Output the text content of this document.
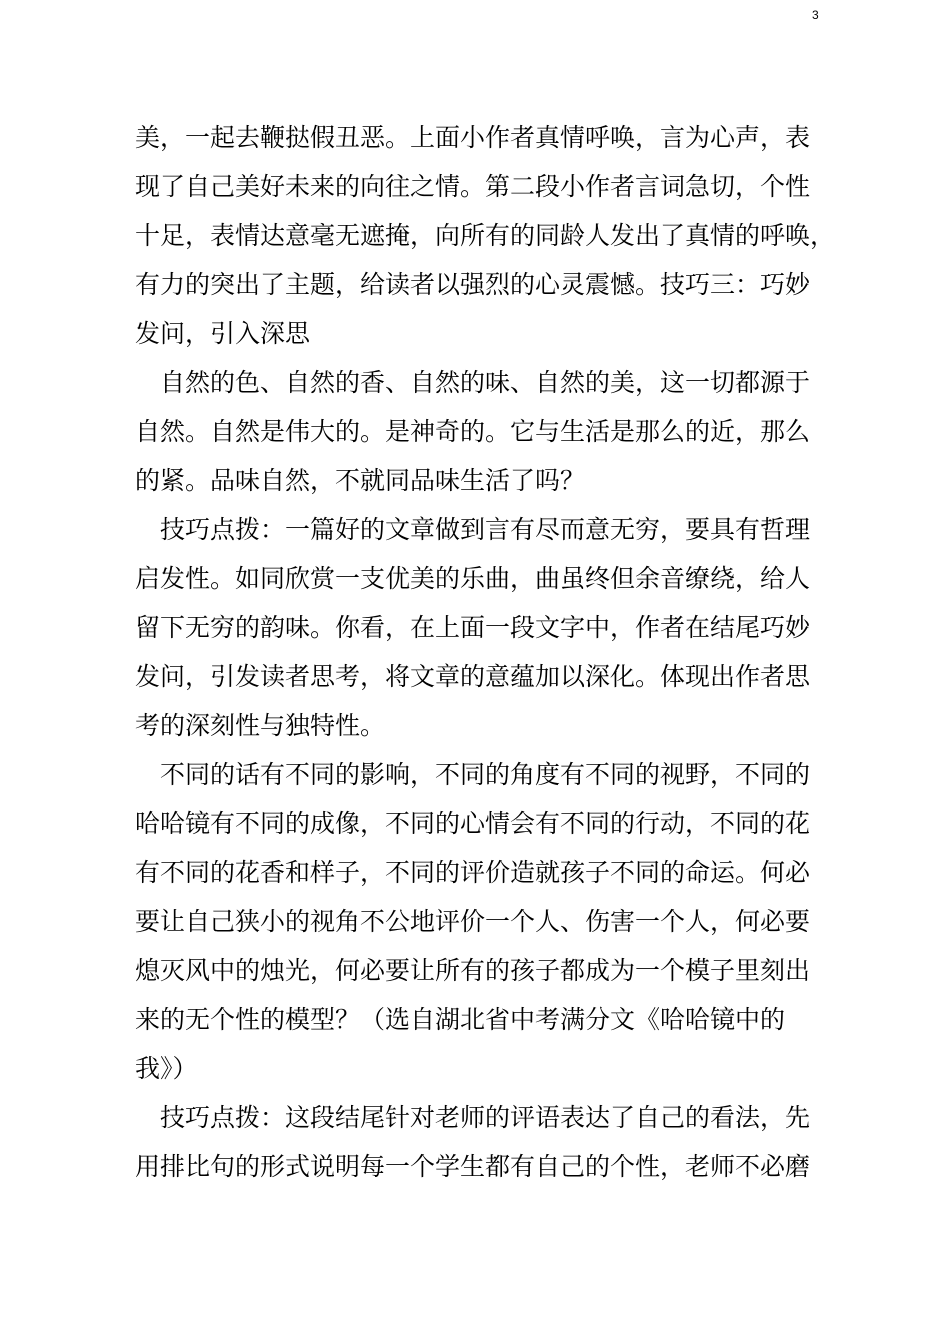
3
美，一起去鞭挞假丑恶。上面小作者真情呼唤，言为心声，表
现了自己美好未来的向往之情。第二段小作者言词急切，个性
十足，表情达意毫无遮掩，向所有的同龄人发出了真情的呼唤，
有力的突出了主题，给读者以强烈的心灵震憾。技巧三：巧妙
发问，引入深思
　自然的色、自然的香、自然的味、自然的美，这一切都源于
自然。自然是伟大的。是神奇的。它与生活是那么的近，那么
的紧。品味自然，不就同品味生活了吗？
　技巧点拨：一篇好的文章做到言有尽而意无穷，要具有哲理
启发性。如同欣赏一支优美的乐曲，曲虽终但余音缭绕，给人
留下无穷的韵味。你看，在上面一段文字中，作者在结尾巧妙
发问，引发读者思考，将文章的意蕴加以深化。体现出作者思
考的深刻性与独特性。
　不同的话有不同的影响，不同的角度有不同的视野，不同的
哈哈镜有不同的成像，不同的心情会有不同的行动，不同的花
有不同的花香和样子，不同的评价造就孩子不同的命运。何必
要让自己狭小的视角不公地评价一个人、伤害一个人，何必要
熄灭风中的烛光，何必要让所有的孩子都成为一个模子里刻出
来的无个性的模型？（选自湖北省中考满分文《哈哈镜中的
我》）
　技巧点拨：这段结尾针对老师的评语表达了自己的看法，先
用排比句的形式说明每一个学生都有自己的个性，老师不必磨
